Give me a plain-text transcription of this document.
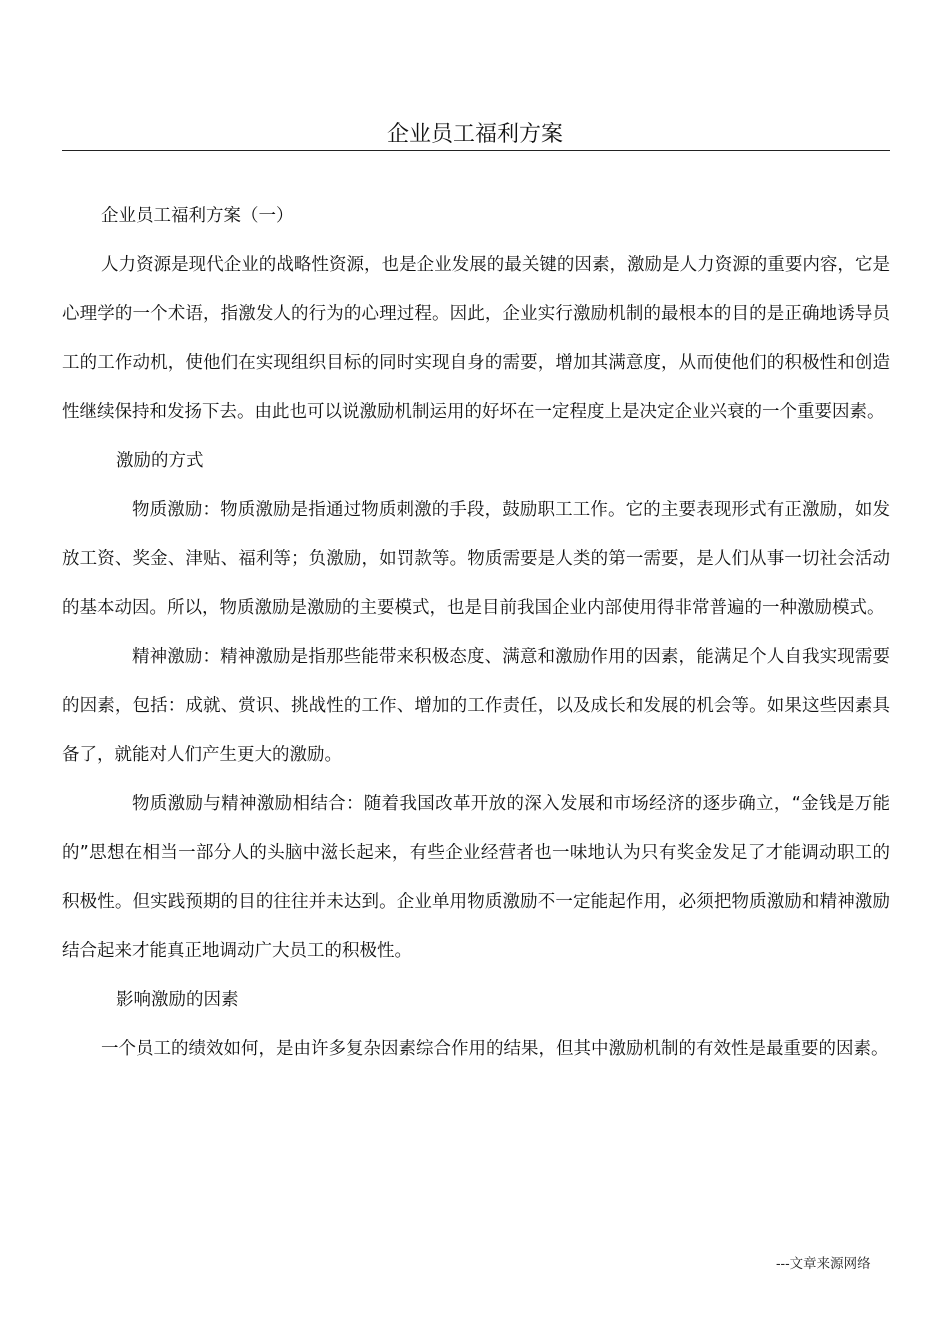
企业员工福利方案

企业员工福利方案（一）

人力资源是现代企业的战略性资源，也是企业发展的最关键的因素，激励是人力资源的重要内容，它是心理学的一个术语，指激发人的行为的心理过程。因此，企业实行激励机制的最根本的目的是正确地诱导员工的工作动机，使他们在实现组织目标的同时实现自身的需要，增加其满意度，从而使他们的积极性和创造性继续保持和发扬下去。由此也可以说激励机制运用的好坏在一定程度上是决定企业兴衰的一个重要因素。

激励的方式

物质激励：物质激励是指通过物质刺激的手段，鼓励职工工作。它的主要表现形式有正激励，如发放工资、奖金、津贴、福利等；负激励，如罚款等。物质需要是人类的第一需要，是人们从事一切社会活动的基本动因。所以，物质激励是激励的主要模式，也是目前我国企业内部使用得非常普遍的一种激励模式。

精神激励：精神激励是指那些能带来积极态度、满意和激励作用的因素，能满足个人自我实现需要的因素，包括：成就、赏识、挑战性的工作、增加的工作责任，以及成长和发展的机会等。如果这些因素具备了，就能对人们产生更大的激励。

物质激励与精神激励相结合：随着我国改革开放的深入发展和市场经济的逐步确立，“金钱是万能的”思想在相当一部分人的头脑中滋长起来，有些企业经营者也一味地认为只有奖金发足了才能调动职工的积极性。但实践预期的目的往往并未达到。企业单用物质激励不一定能起作用，必须把物质激励和精神激励结合起来才能真正地调动广大员工的积极性。

影响激励的因素

一个员工的绩效如何，是由许多复杂因素综合作用的结果，但其中激励机制的有效性是最重要的因素。

---文章来源网络
